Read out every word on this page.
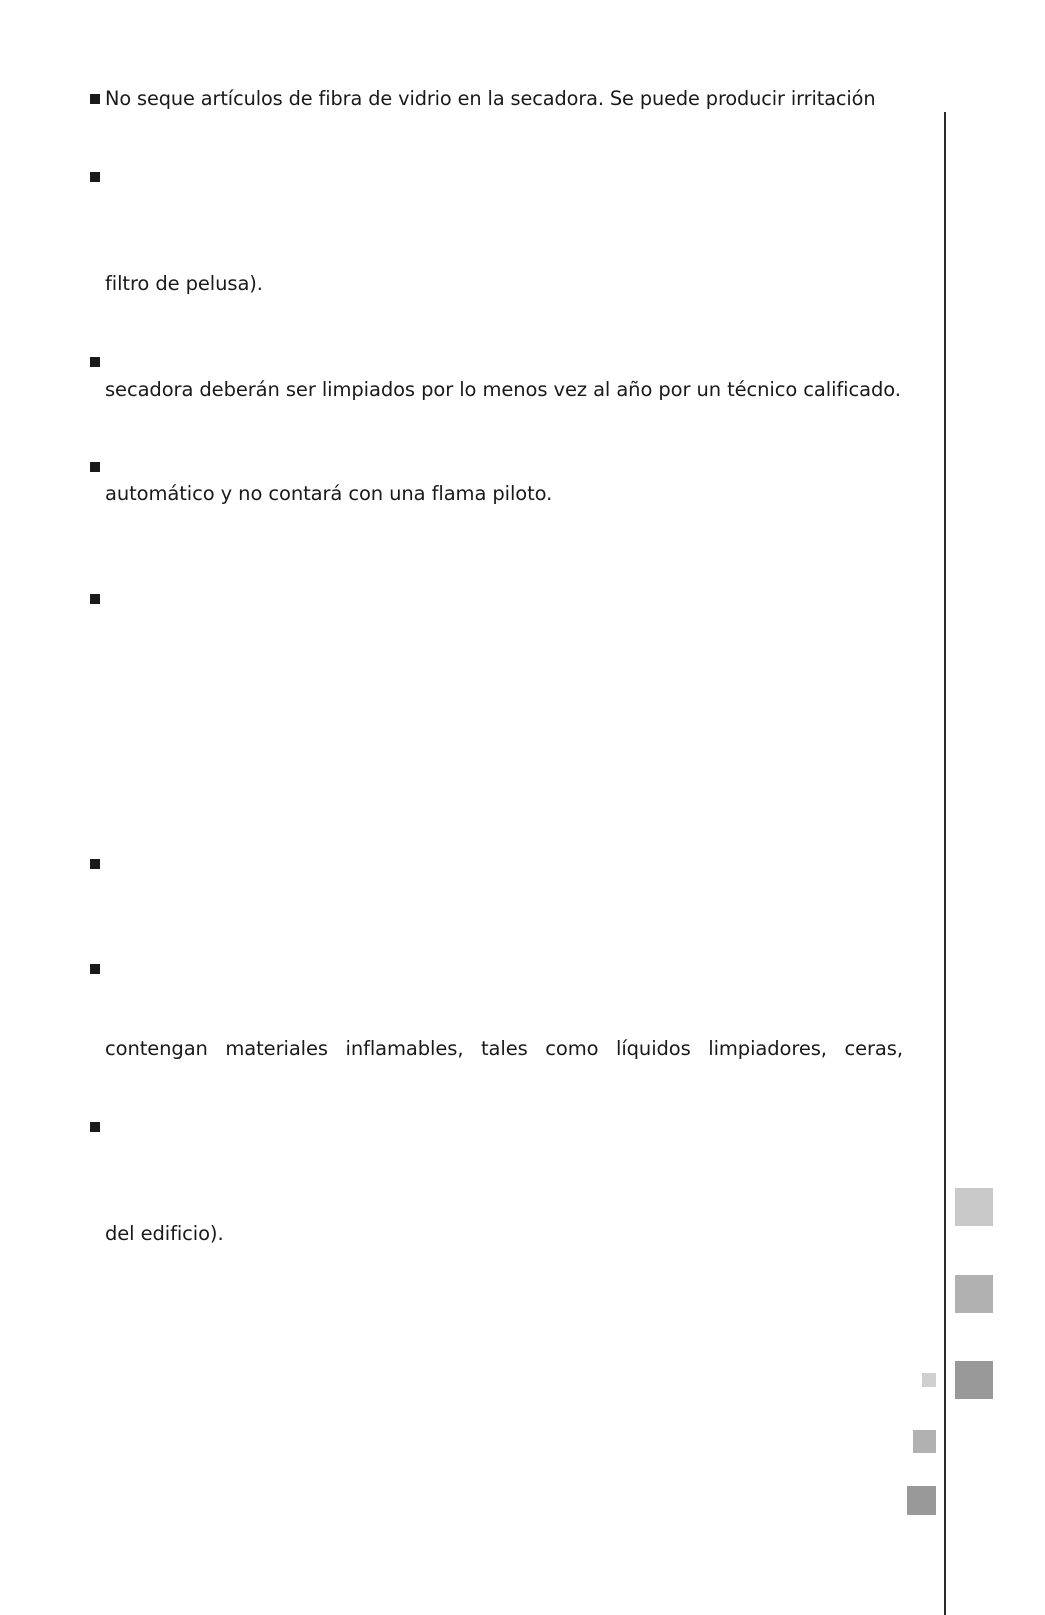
No seque artículos de fibra de vidrio en la secadora. Se puede producir irritación
filtro de pelusa).
secadora deberán ser limpiados por lo menos vez al año por un técnico calificado.
automático y no contará con una flama piloto.
contengan materiales inflamables, tales como líquidos limpiadores, ceras,
del edificio).
